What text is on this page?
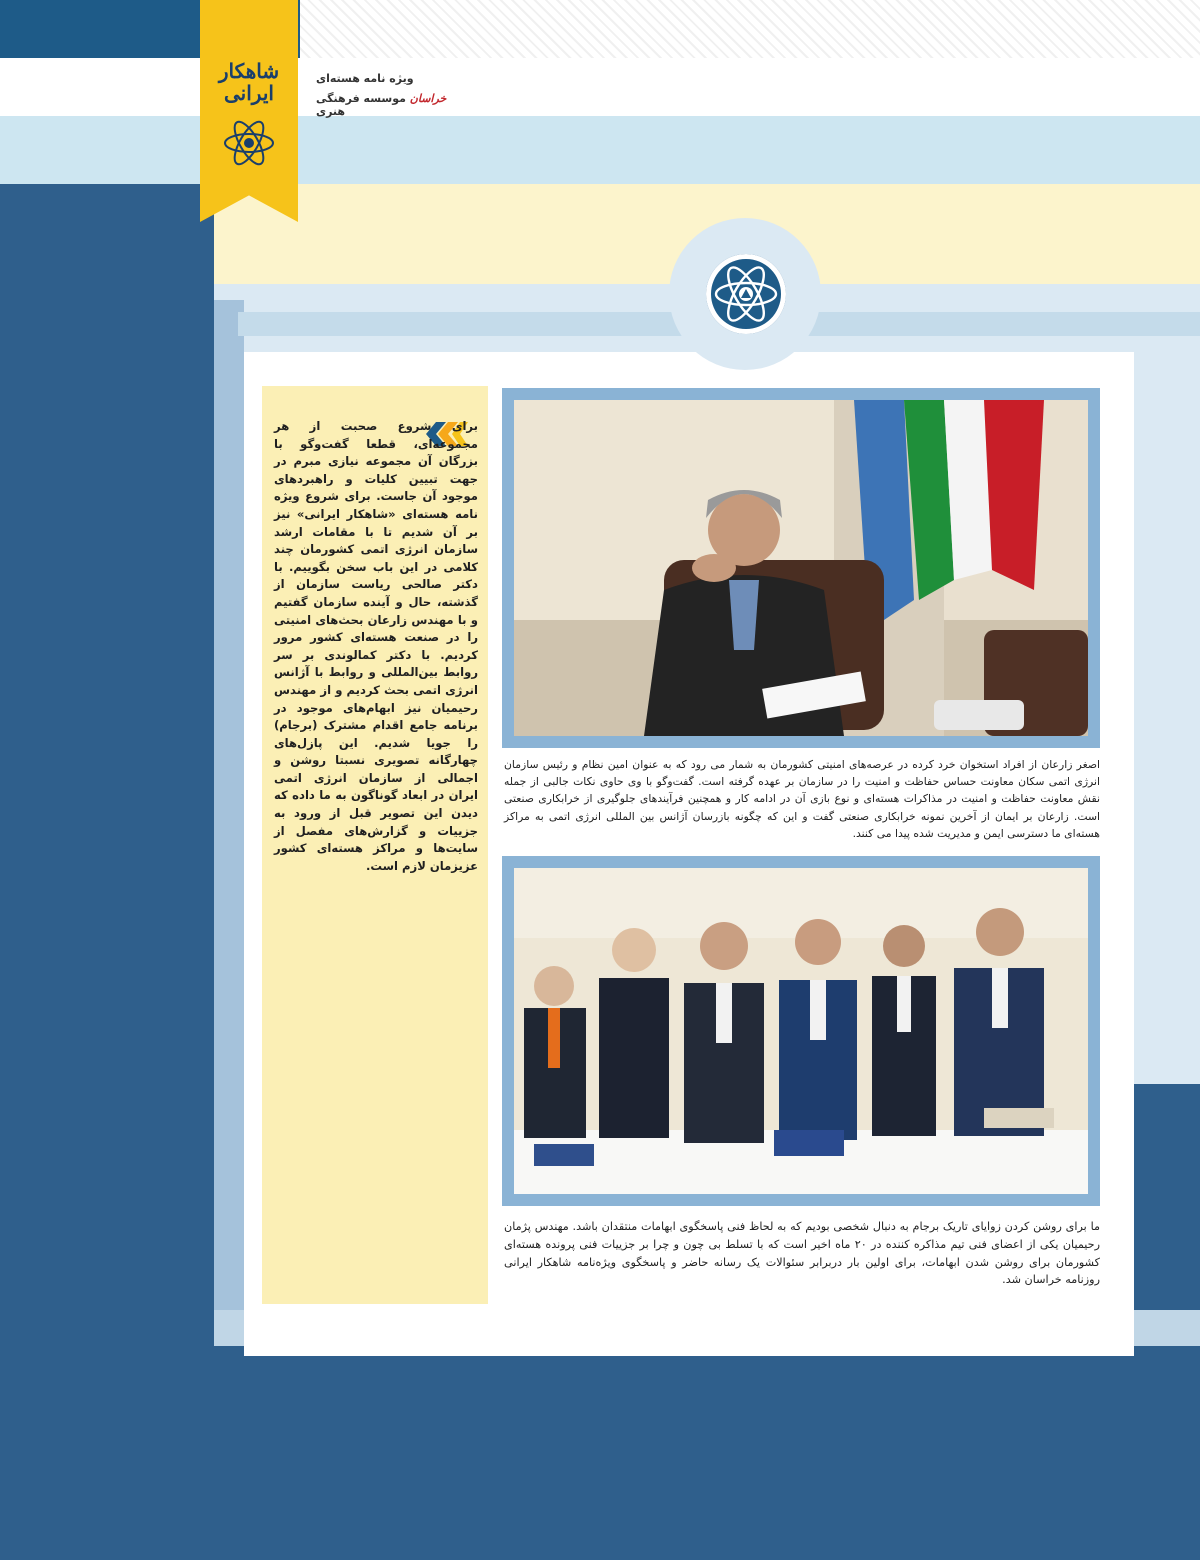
شاهکار ایرانی
ویژه نامه هسته‌ای
خراسان موسسه فرهنگی هنری
برای شروع صحبت از هر مجموعه‌ای، قطعا گفت‌وگو با بزرگان آن مجموعه نیازی مبرم در جهت تبیین کلیات و راهبردهای موجود آن جاست. برای شروع ویژه نامه هسته‌ای «شاهکار ایرانی» نیز بر آن شدیم تا با مقامات ارشد سازمان انرژی اتمی کشورمان چند کلامی در این باب سخن بگوییم. با دکتر صالحی ریاست سازمان از گذشته، حال و آینده سازمان گفتیم و با مهندس زارعان بحث‌های امنیتی را در صنعت هسته‌ای کشور مرور کردیم. با دکتر کمالوندی بر سر روابط بین‌المللی و روابط با آژانس انرژی اتمی بحث کردیم و از مهندس رحیمیان نیز ابهام‌های موجود در برنامه جامع اقدام مشترک (برجام) را جویا شدیم. این پازل‌های چهارگانه تصویری نسبتا روشن و اجمالی از سازمان انرژی اتمی ایران در ابعاد گوناگون به ما داده که دیدن این تصویر قبل از ورود به جزییات و گزارش‌های مفصل از سایت‌ها و مراکز هسته‌ای کشور عزیزمان لازم است.
اصغر زارعان از افراد استخوان خرد کرده در عرصه‌های امنیتی کشورمان به شمار می رود که به عنوان امین نظام و رئیس سازمان انرژی اتمی سکان معاونت حساس حفاظت و امنیت را در سازمان بر عهده گرفته است. گفت‌وگو با وی حاوی نکات جالبی از جمله نقش معاونت حفاظت و امنیت در مذاکرات هسته‌ای و نوع بازی آن در ادامه کار و همچنین فرآیندهای جلوگیری از خرابکاری صنعتی است. زارعان بر ایمان از آخرین نمونه خرابکاری صنعتی گفت و این که چگونه بازرسان آژانس بین المللی انرژی اتمی به مراکز هسته‌ای ما دسترسی ایمن و مدیریت شده پیدا می کنند.
ما برای روشن کردن زوایای تاریک برجام به دنبال شخصی بودیم که به لحاظ فنی پاسخگوی ابهامات منتقدان باشد. مهندس پژمان رحیمیان یکی از اعضای فنی تیم مذاکره کننده در ۲۰ ماه اخیر است که با تسلط بی چون و چرا بر جزییات فنی پرونده هسته‌ای کشورمان برای روشن شدن ابهامات، برای اولین بار دربرابر سئوالات یک رسانه حاضر و پاسخگوی ویژه‌نامه شاهکار ایرانی روزنامه خراسان شد.
